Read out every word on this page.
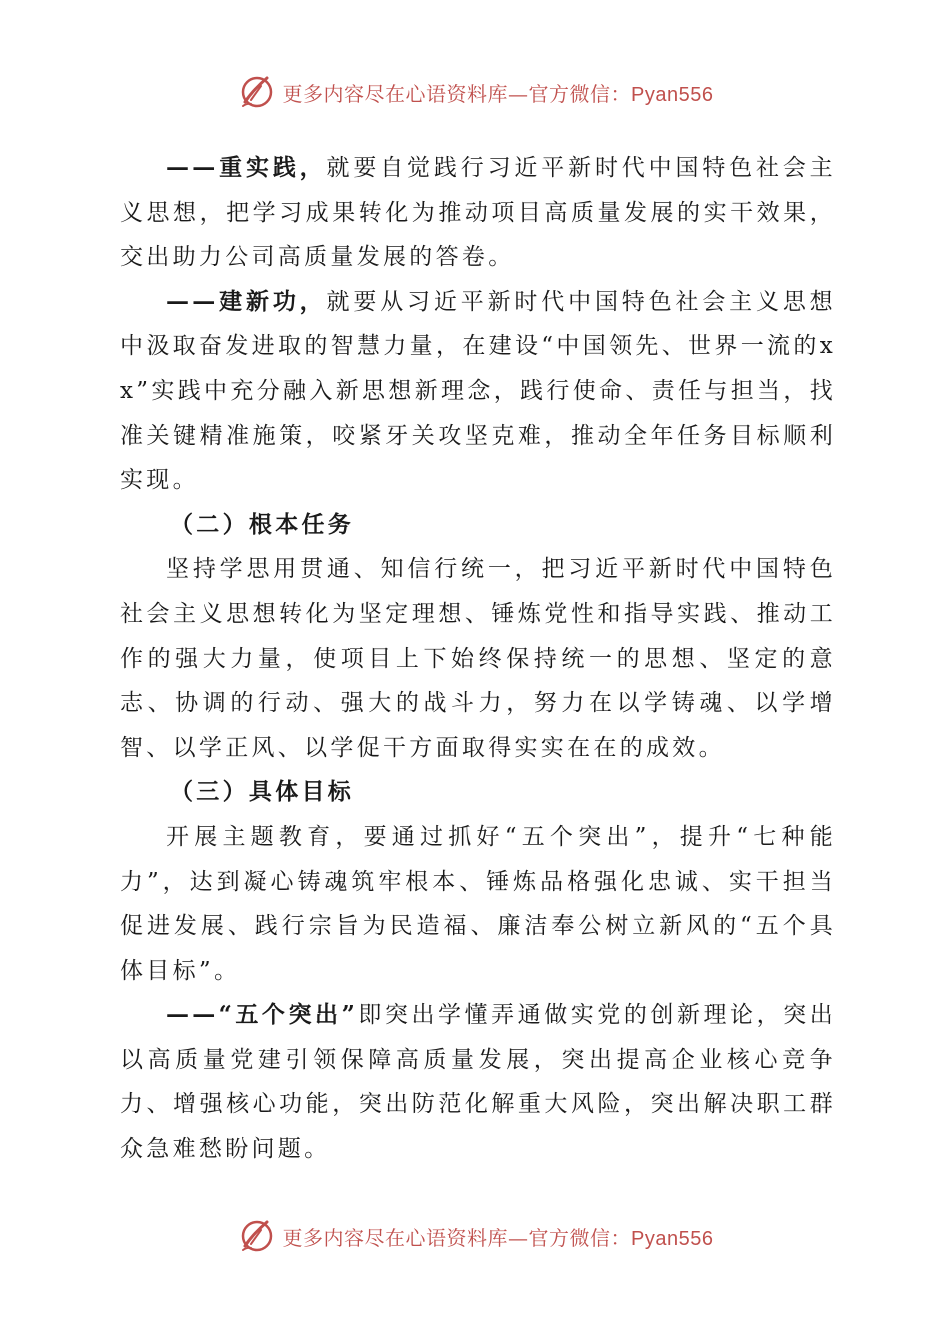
更多内容尽在心语资料库—官方微信：Pyan556

——重实践，就要自觉践行习近平新时代中国特色社会主义思想，把学习成果转化为推动项目高质量发展的实干效果，交出助力公司高质量发展的答卷。

——建新功，就要从习近平新时代中国特色社会主义思想中汲取奋发进取的智慧力量，在建设“中国领先、世界一流的xx”实践中充分融入新思想新理念，践行使命、责任与担当，找准关键精准施策，咬紧牙关攻坚克难，推动全年任务目标顺利实现。

（二）根本任务

坚持学思用贯通、知信行统一，把习近平新时代中国特色社会主义思想转化为坚定理想、锤炼党性和指导实践、推动工作的强大力量，使项目上下始终保持统一的思想、坚定的意志、协调的行动、强大的战斗力，努力在以学铸魂、以学增智、以学正风、以学促干方面取得实实在在的成效。

（三）具体目标

开展主题教育，要通过抓好“五个突出”，提升“七种能力”，达到凝心铸魂筑牢根本、锤炼品格强化忠诚、实干担当促进发展、践行宗旨为民造福、廉洁奉公树立新风的“五个具体目标”。

——“五个突出”即突出学懂弄通做实党的创新理论，突出以高质量党建引领保障高质量发展，突出提高企业核心竞争力、增强核心功能，突出防范化解重大风险，突出解决职工群众急难愁盼问题。

更多内容尽在心语资料库—官方微信：Pyan556
